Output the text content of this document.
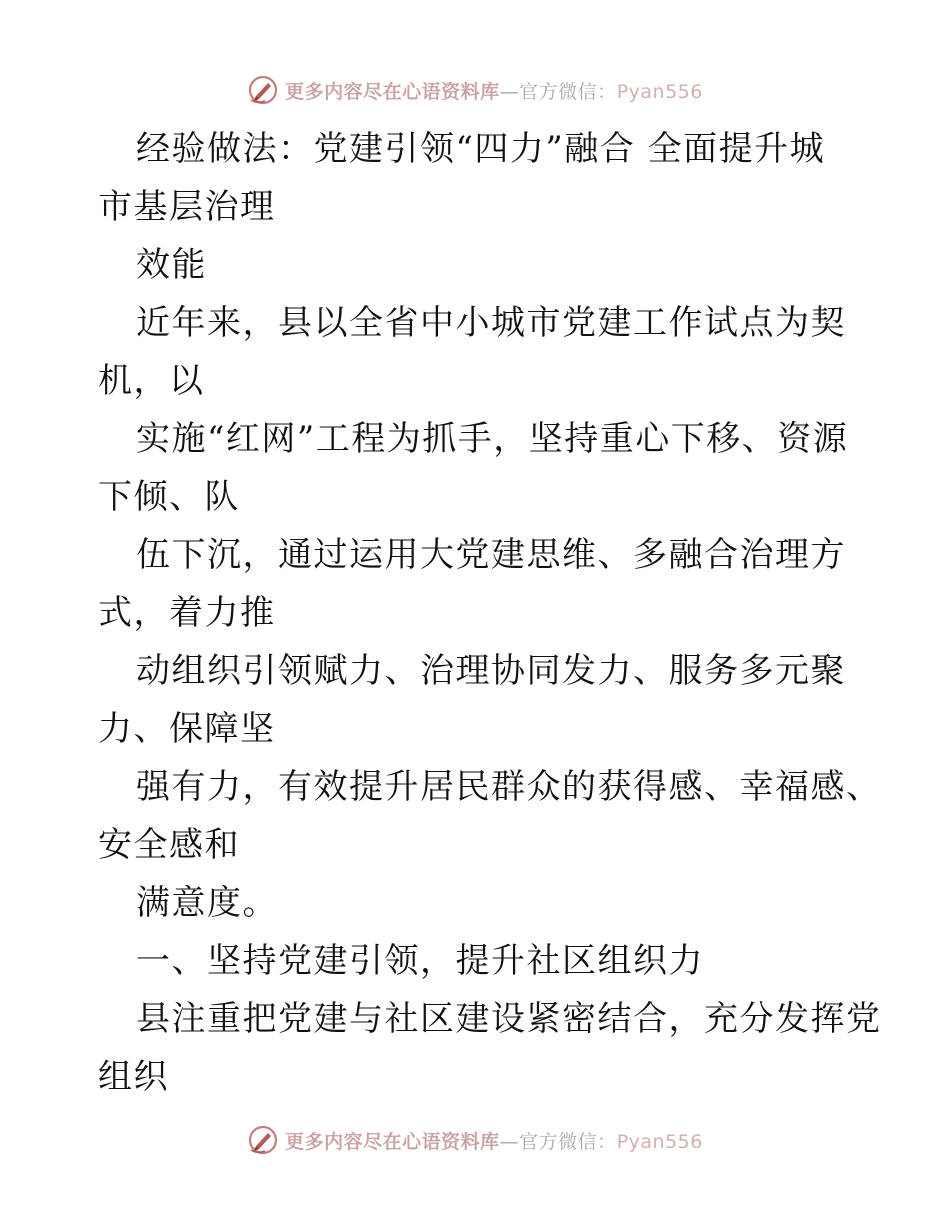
更多内容尽在心语资料库—官方微信：Pyan556
经验做法：党建引领“四力”融合 全面提升城
市基层治理
效能
近年来，县以全省中小城市党建工作试点为契
机，以
实施“红网”工程为抓手，坚持重心下移、资源
下倾、队
伍下沉，通过运用大党建思维、多融合治理方
式，着力推
动组织引领赋力、治理协同发力、服务多元聚
力、保障坚
强有力，有效提升居民群众的获得感、幸福感、
安全感和
满意度。
一、坚持党建引领，提升社区组织力
县注重把党建与社区建设紧密结合，充分发挥党
组织
更多内容尽在心语资料库—官方微信：Pyan556
